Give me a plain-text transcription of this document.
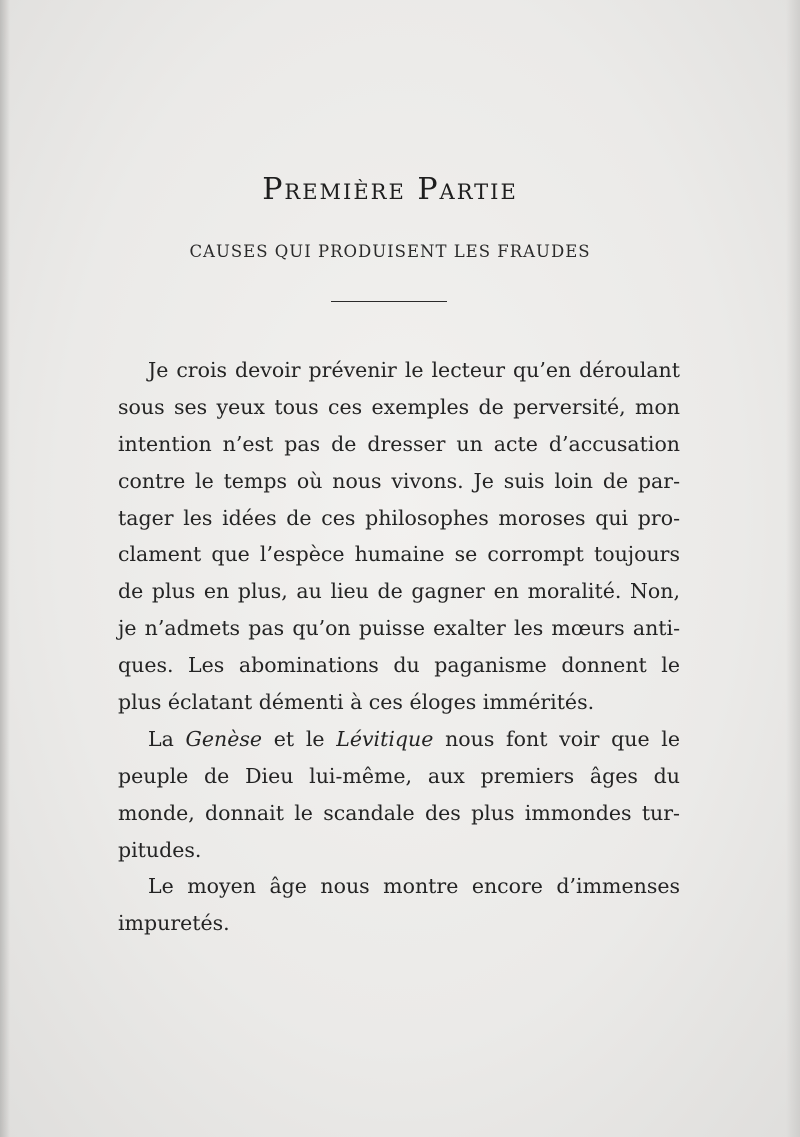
Première Partie
CAUSES QUI PRODUISENT LES FRAUDES
Je crois devoir prévenir le lecteur qu’en déroulant
sous ses yeux tous ces exemples de perversité, mon
intention n’est pas de dresser un acte d’accusation
contre le temps où nous vivons. Je suis loin de par-
tager les idées de ces philosophes moroses qui pro-
clament que l’espèce humaine se corrompt toujours
de plus en plus, au lieu de gagner en moralité. Non,
je n’admets pas qu’on puisse exalter les mœurs anti-
ques. Les abominations du paganisme donnent le
plus éclatant démenti à ces éloges immérités.
La Genèse et le Lévitique nous font voir que le
peuple de Dieu lui-même, aux premiers âges du
monde, donnait le scandale des plus immondes tur-
pitudes.
Le moyen âge nous montre encore d’immenses
impuretés.
